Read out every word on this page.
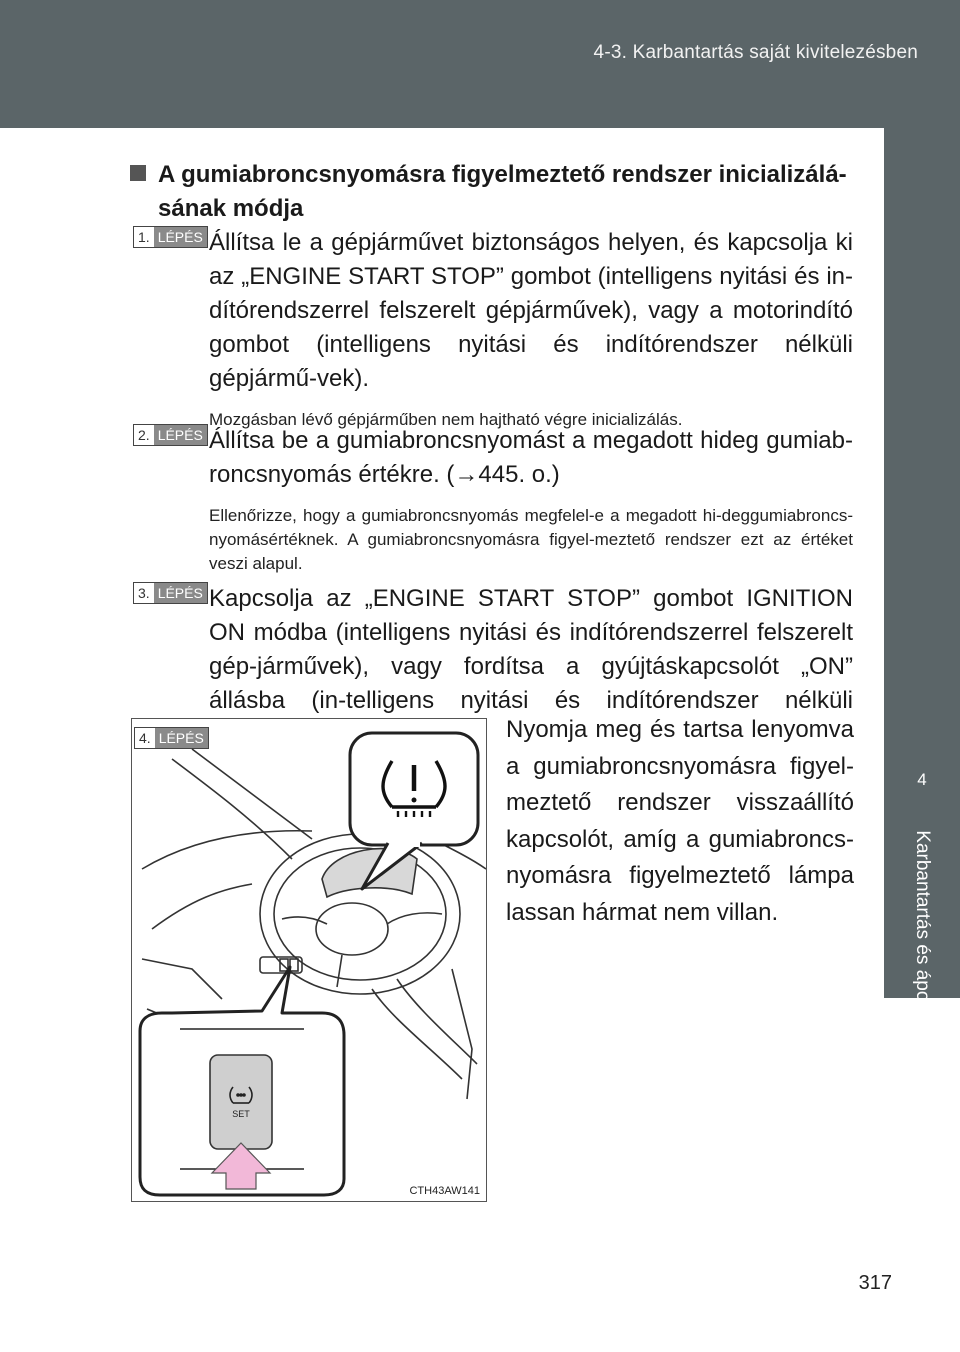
4-3. Karbantartás saját kivitelezésben
4
Karbantartás és ápolás
A gumiabroncsnyomásra figyelmeztető rendszer inicializálá-
sának módja
1. LÉPÉS Állítsa le a gépjárművet biztonságos helyen, és kapcsolja ki az „ENGINE START STOP” gombot (intelligens nyitási és in-dítórendszerrel felszerelt gépjárművek), vagy a motorindító gombot (intelligens nyitási és indítórendszer nélküli gépjármű-vek).
Mozgásban lévő gépjárműben nem hajtható végre inicializálás.
2. LÉPÉS Állítsa be a gumiabroncsnyomást a megadott hideg gumiab-roncsnyomás értékre. (→445. o.)
Ellenőrizze, hogy a gumiabroncsnyomás megfelel-e a megadott hi-deggumiabroncs-nyomásértéknek. A gumiabroncsnyomásra figyel-meztető rendszer ezt az értéket veszi alapul.
3. LÉPÉS Kapcsolja az „ENGINE START STOP” gombot IGNITION ON módba (intelligens nyitási és indítórendszerrel felszerelt gép-járművek), vagy fordítsa a gyújtáskapcsolót „ON” állásba (in-telligens nyitási és indítórendszer nélküli
4. LÉPÉS
SET
CTH43AW141
Nyomja meg és tartsa lenyomva a gumiabroncsnyomásra figyel-meztető rendszer visszaállító kapcsolót, amíg a gumiabroncs-nyomásra figyelmeztető lámpa lassan hármat nem villan.
317
